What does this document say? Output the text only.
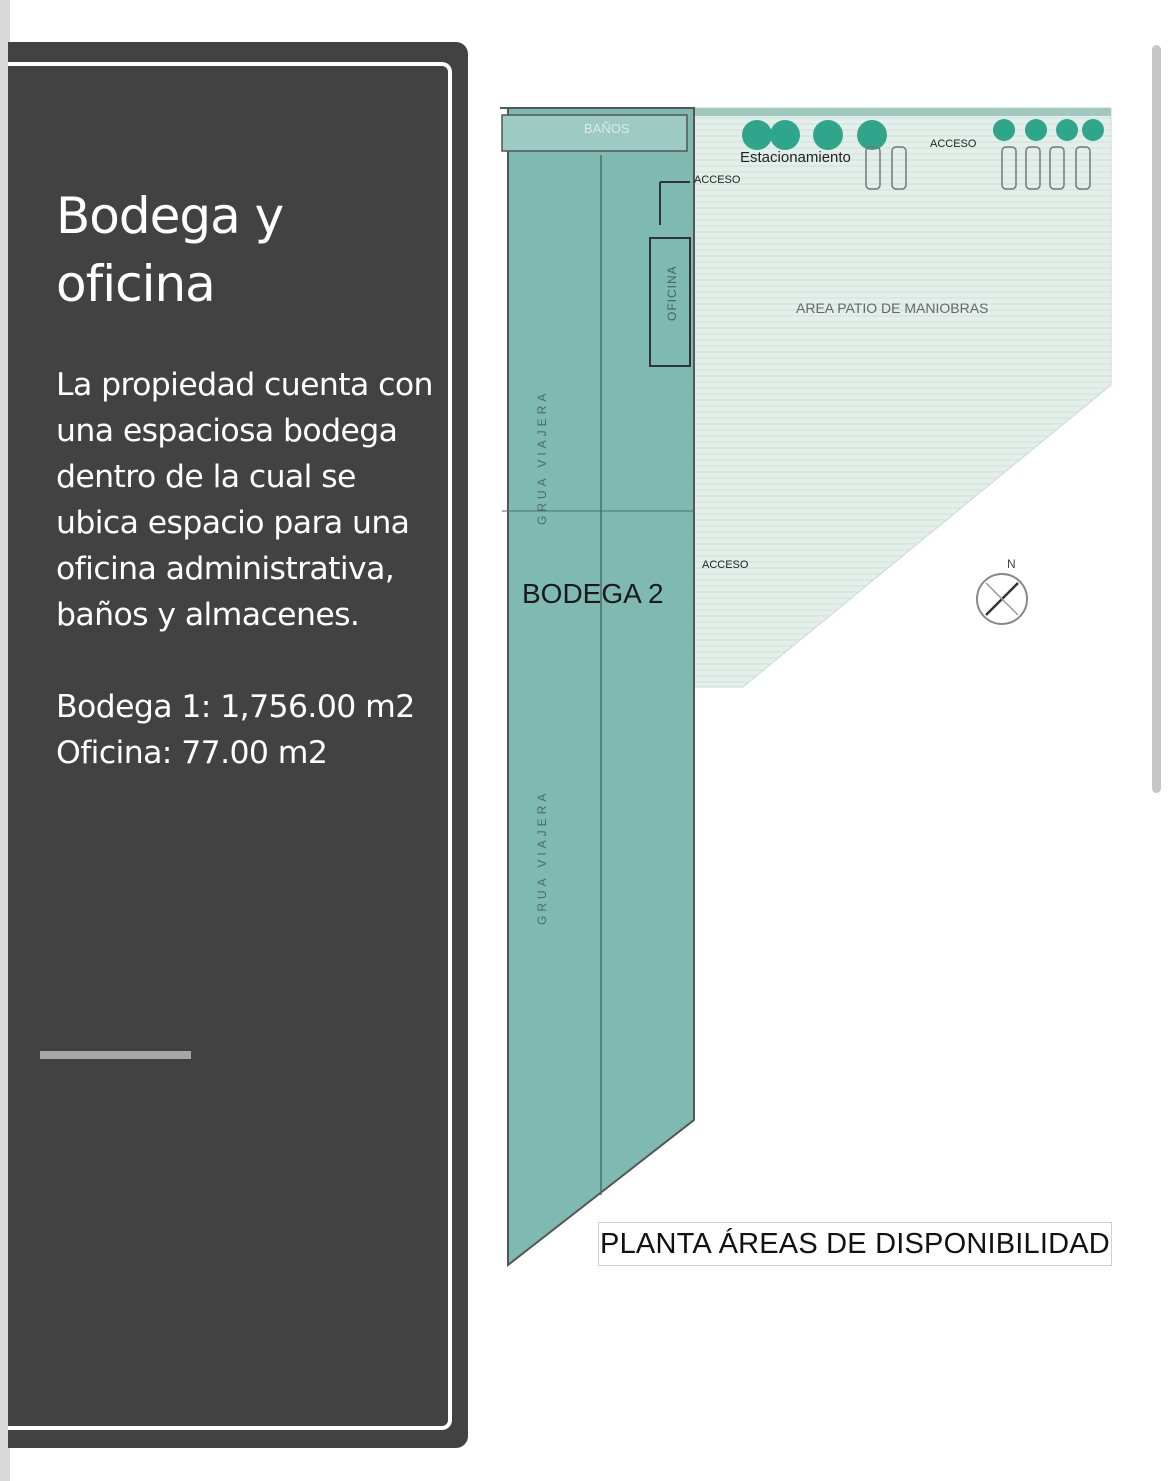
Bodega y oficina

La propiedad cuenta con una espaciosa bodega dentro de la cual se ubica espacio para una oficina administrativa, baños y almacenes.

Bodega 1: 1,756.00 m2
Oficina: 77.00 m2
BAÑOS
Estacionamiento
ACCESO
ACCESO
ACCESO
OFICINA	AREA PATIO DE MANIOBRAS
GRUA VIAJERA
GRUA VIAJERA
BODEGA 2
N
PLANTA ÁREAS DE DISPONIBILIDAD
